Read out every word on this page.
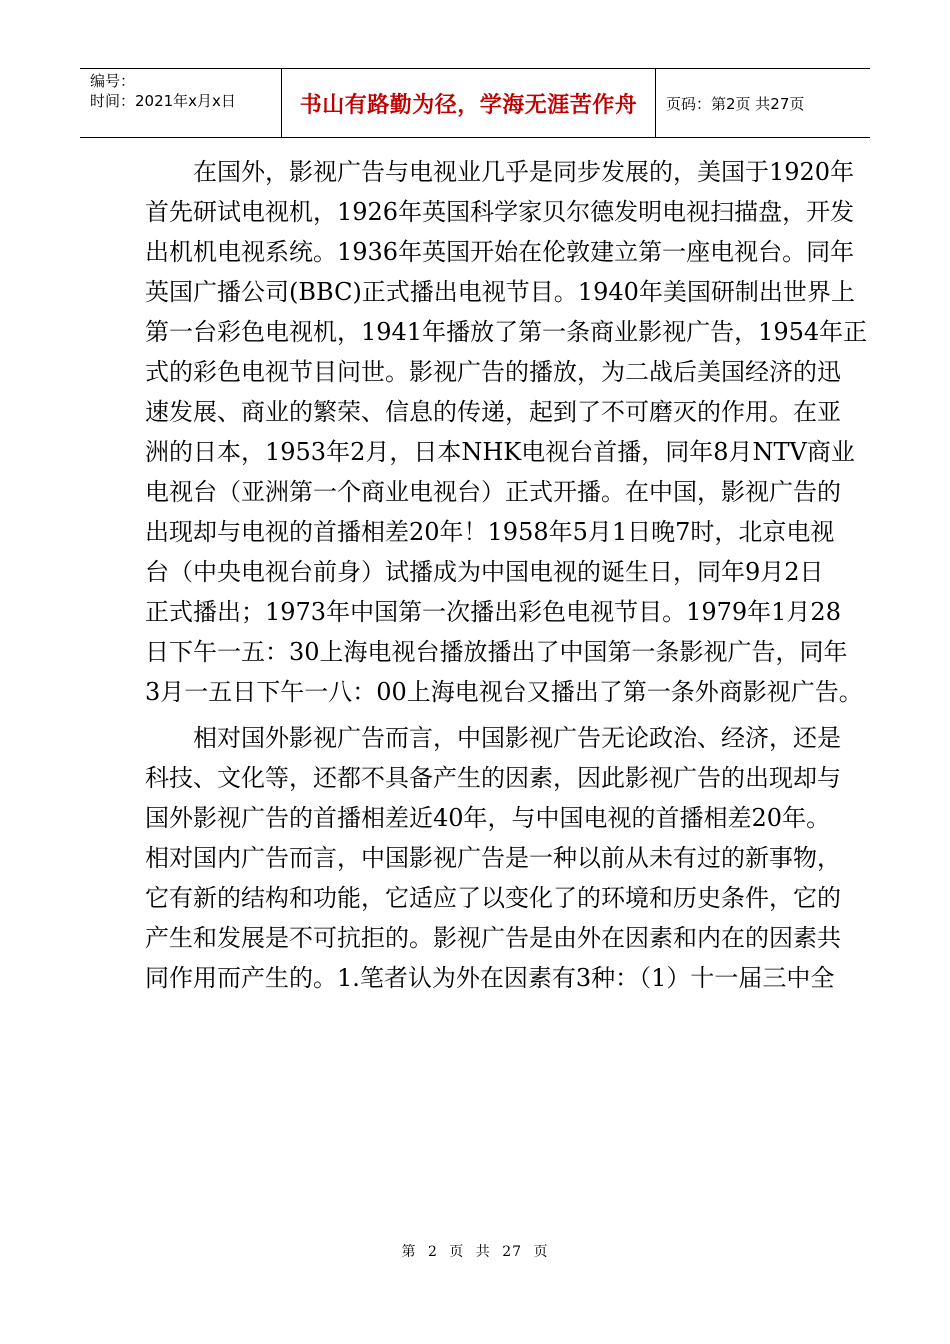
编号：
时间：2021年x月x日	书山有路勤为径，学海无涯苦作舟	页码：第2页 共27页
在国外，影视广告与电视业几乎是同步发展的，美国于1920年
首先研试电视机，1926年英国科学家贝尔德发明电视扫描盘，开发
出机机电视系统。1936年英国开始在伦敦建立第一座电视台。同年
英国广播公司(BBC)正式播出电视节目。1940年美国研制出世界上
第一台彩色电视机，1941年播放了第一条商业影视广告，1954年正
式的彩色电视节目问世。影视广告的播放，为二战后美国经济的迅
速发展、商业的繁荣、信息的传递，起到了不可磨灭的作用。在亚
洲的日本，1953年2月，日本NHK电视台首播，同年8月NTV商业
电视台（亚洲第一个商业电视台）正式开播。在中国，影视广告的
出现却与电视的首播相差20年！1958年5月1日晚7时，北京电视
台（中央电视台前身）试播成为中国电视的诞生日，同年9月2日
正式播出；1973年中国第一次播出彩色电视节目。1979年1月28
日下午一五：30上海电视台播放播出了中国第一条影视广告，同年
3月一五日下午一八：00上海电视台又播出了第一条外商影视广告。
相对国外影视广告而言，中国影视广告无论政治、经济，还是
科技、文化等，还都不具备产生的因素，因此影视广告的出现却与
国外影视广告的首播相差近40年，与中国电视的首播相差20年。
相对国内广告而言，中国影视广告是一种以前从未有过的新事物，
它有新的结构和功能，它适应了以变化了的环境和历史条件，它的
产生和发展是不可抗拒的。影视广告是由外在因素和内在的因素共
同作用而产生的。1.笔者认为外在因素有3种：（1）十一届三中全
第 2 页 共 27 页
